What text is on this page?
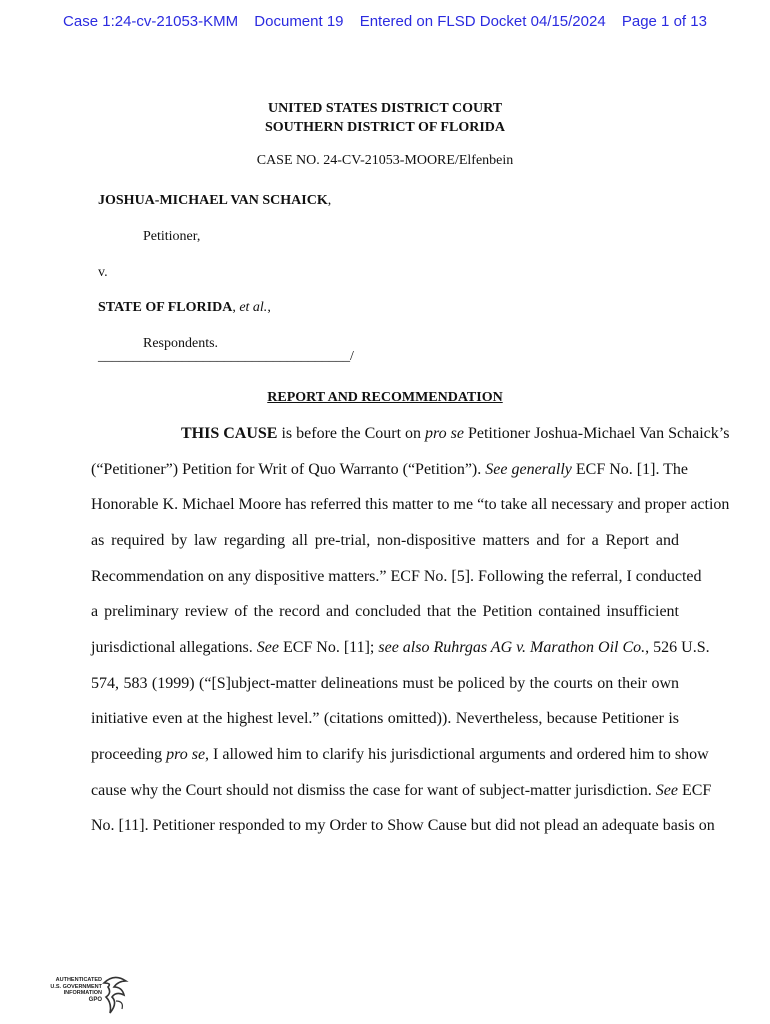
Case 1:24-cv-21053-KMM Document 19 Entered on FLSD Docket 04/15/2024 Page 1 of 13
UNITED STATES DISTRICT COURT
SOUTHERN DISTRICT OF FLORIDA
CASE NO. 24-CV-21053-MOORE/Elfenbein
JOSHUA-MICHAEL VAN SCHAICK,
Petitioner,
v.
STATE OF FLORIDA, et al.,
Respondents.
____________________________________/
REPORT AND RECOMMENDATION
THIS CAUSE is before the Court on pro se Petitioner Joshua-Michael Van Schaick’s
(“Petitioner”) Petition for Writ of Quo Warranto (“Petition”). See generally ECF No. [1]. The
Honorable K. Michael Moore has referred this matter to me “to take all necessary and proper action
as required by law regarding all pre-trial, non-dispositive matters and for a Report and
Recommendation on any dispositive matters.” ECF No. [5]. Following the referral, I conducted
a preliminary review of the record and concluded that the Petition contained insufficient
jurisdictional allegations. See ECF No. [11]; see also Ruhrgas AG v. Marathon Oil Co., 526 U.S.
574, 583 (1999) (“[S]ubject-matter delineations must be policed by the courts on their own
initiative even at the highest level.” (citations omitted)). Nevertheless, because Petitioner is
proceeding pro se, I allowed him to clarify his jurisdictional arguments and ordered him to show
cause why the Court should not dismiss the case for want of subject-matter jurisdiction. See ECF
No. [11]. Petitioner responded to my Order to Show Cause but did not plead an adequate basis on
AUTHENTICATED
U.S. GOVERNMENT
INFORMATION
GPO
